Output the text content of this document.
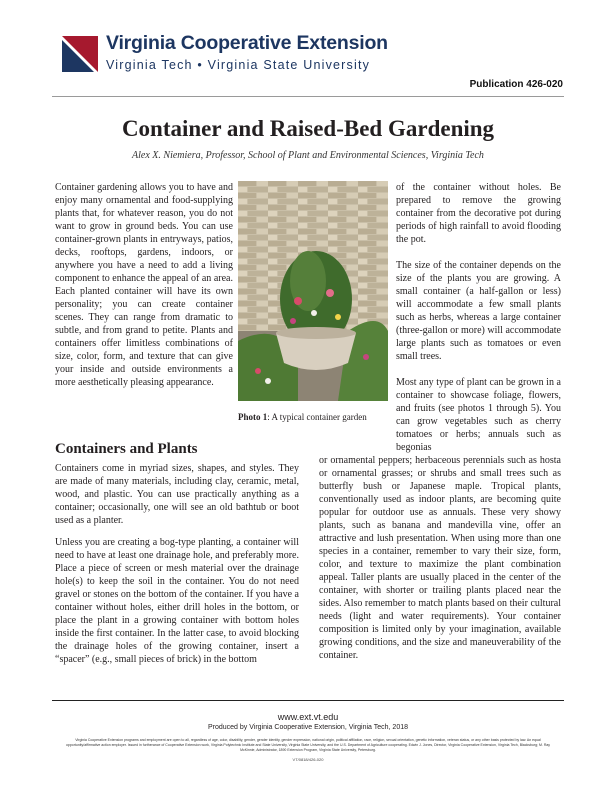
Virginia Cooperative Extension
Virginia Tech • Virginia State University
Publication 426-020
Container and Raised-Bed Gardening
Alex X. Niemiera, Professor, School of Plant and Environmental Sciences, Virginia Tech

Container gardening allows you to have and enjoy many ornamental and food-supplying plants that, for whatever reason, you do not want to grow in ground beds. You can use container-grown plants in entryways, patios, decks, rooftops, gardens, indoors, or anywhere you have a need to add a living component to enhance the appeal of an area. Each planted container will have its own personality; you can create container scenes. They can range from dramatic to subtle, and from grand to petite. Plants and containers offer limitless combinations of size, color, form, and texture that can give your inside and outside environments a more aesthetically pleasing appearance.

Containers and Plants

Containers come in myriad sizes, shapes, and styles. They are made of many materials, including clay, ceramic, metal, wood, and plastic. You can use practically anything as a container; occasionally, one will see an old bathtub or boot used as a planter.

Unless you are creating a bog-type planting, a container will need to have at least one drainage hole, and preferably more. Place a piece of screen or mesh material over the drainage hole(s) to keep the soil in the container. You do not need gravel or stones on the bottom of the container. If you have a container without holes, either drill holes in the bottom, or place the plant in a growing container with bottom holes inside the first container. In the latter case, to avoid blocking the drainage holes of the growing container, insert a “spacer” (e.g., small pieces of brick) in the bottom

Photo 1: A typical container garden

of the container without holes. Be prepared to remove the growing container from the decorative pot during periods of high rainfall to avoid flooding the pot.

The size of the container depends on the size of the plants you are growing. A small container (a half-gallon or less) will accommodate a few small plants such as herbs, whereas a large container (three-gallon or more) will accommodate large plants such as tomatoes or even small trees.

Most any type of plant can be grown in a container to showcase foliage, flowers, and fruits (see photos 1 through 5). You can grow vegetables such as cherry tomatoes or herbs; annuals such as begonias

or ornamental peppers; herbaceous perennials such as hosta or ornamental grasses; or shrubs and small trees such as butterfly bush or Japanese maple. Tropical plants, conventionally used as indoor plants, are becoming quite popular for outdoor use as annuals. These very showy plants, such as banana and mandevilla vine, offer an attractive and lush presentation. When using more than one species in a container, remember to vary their size, form, color, and texture to maximize the plant combination appeal. Taller plants are usually placed in the center of the container, with shorter or trailing plants placed near the sides. Also remember to match plants based on their cultural needs (light and water requirements). Your container composition is limited only by your imagination, available growing conditions, and the size and maneuverability of the container.

www.ext.vt.edu
Produced by Virginia Cooperative Extension, Virginia Tech, 2018
Virginia Cooperative Extension programs and employment are open to all, regardless of age, color, disability, gender, gender identity, gender expression, national origin, political affiliation, race, religion, sexual orientation, genetic information, veteran status, or any other basis protected by law. An equal opportunity/affirmative action employer. Issued in furtherance of Cooperative Extension work, Virginia Polytechnic Institute and State University, Virginia State University, and the U.S. Department of Agriculture cooperating. Edwin J. Jones, Director, Virginia Cooperative Extension, Virginia Tech, Blacksburg; M. Ray McKinnie, Administrator, 1890 Extension Program, Virginia State University, Petersburg.
VT/0818/426-020
